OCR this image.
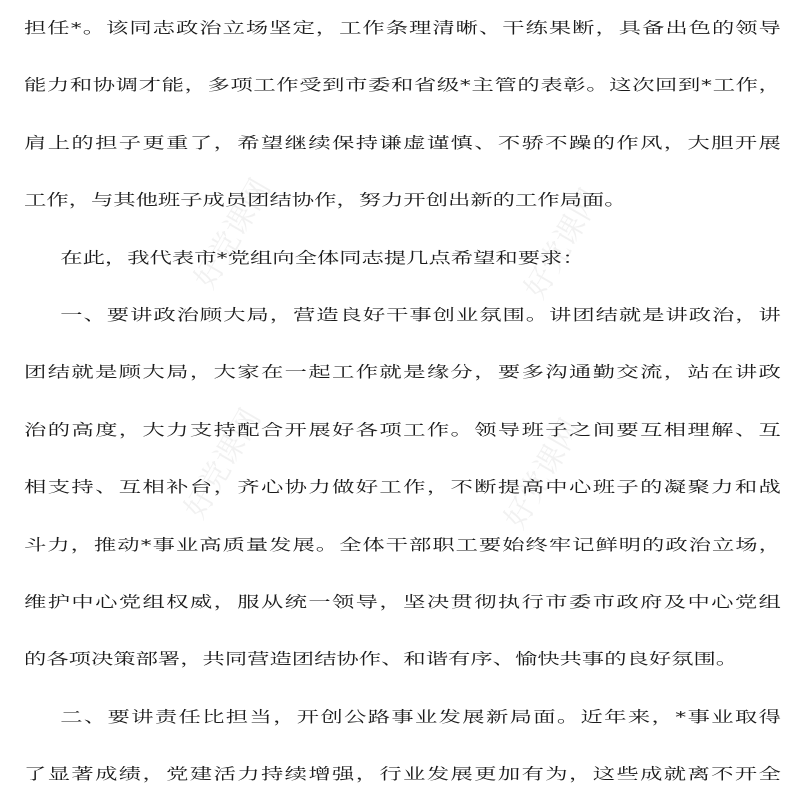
好党课网	好党课网
好党课网	好党课网
担任*。该同志政治立场坚定，工作条理清晰、干练果断，具备出色的领导
能力和协调才能，多项工作受到市委和省级*主管的表彰。这次回到*工作，
肩上的担子更重了，希望继续保持谦虚谨慎、不骄不躁的作风，大胆开展
工作，与其他班子成员团结协作，努力开创出新的工作局面。
在此，我代表市*党组向全体同志提几点希望和要求：
一、要讲政治顾大局，营造良好干事创业氛围。讲团结就是讲政治，讲
团结就是顾大局，大家在一起工作就是缘分，要多沟通勤交流，站在讲政
治的高度，大力支持配合开展好各项工作。领导班子之间要互相理解、互
相支持、互相补台，齐心协力做好工作，不断提高中心班子的凝聚力和战
斗力，推动*事业高质量发展。全体干部职工要始终牢记鲜明的政治立场，
维护中心党组权威，服从统一领导，坚决贯彻执行市委市政府及中心党组
的各项决策部署，共同营造团结协作、和谐有序、愉快共事的良好氛围。
二、要讲责任比担当，开创公路事业发展新局面。近年来，*事业取得
了显著成绩，党建活力持续增强，行业发展更加有为，这些成就离不开全
